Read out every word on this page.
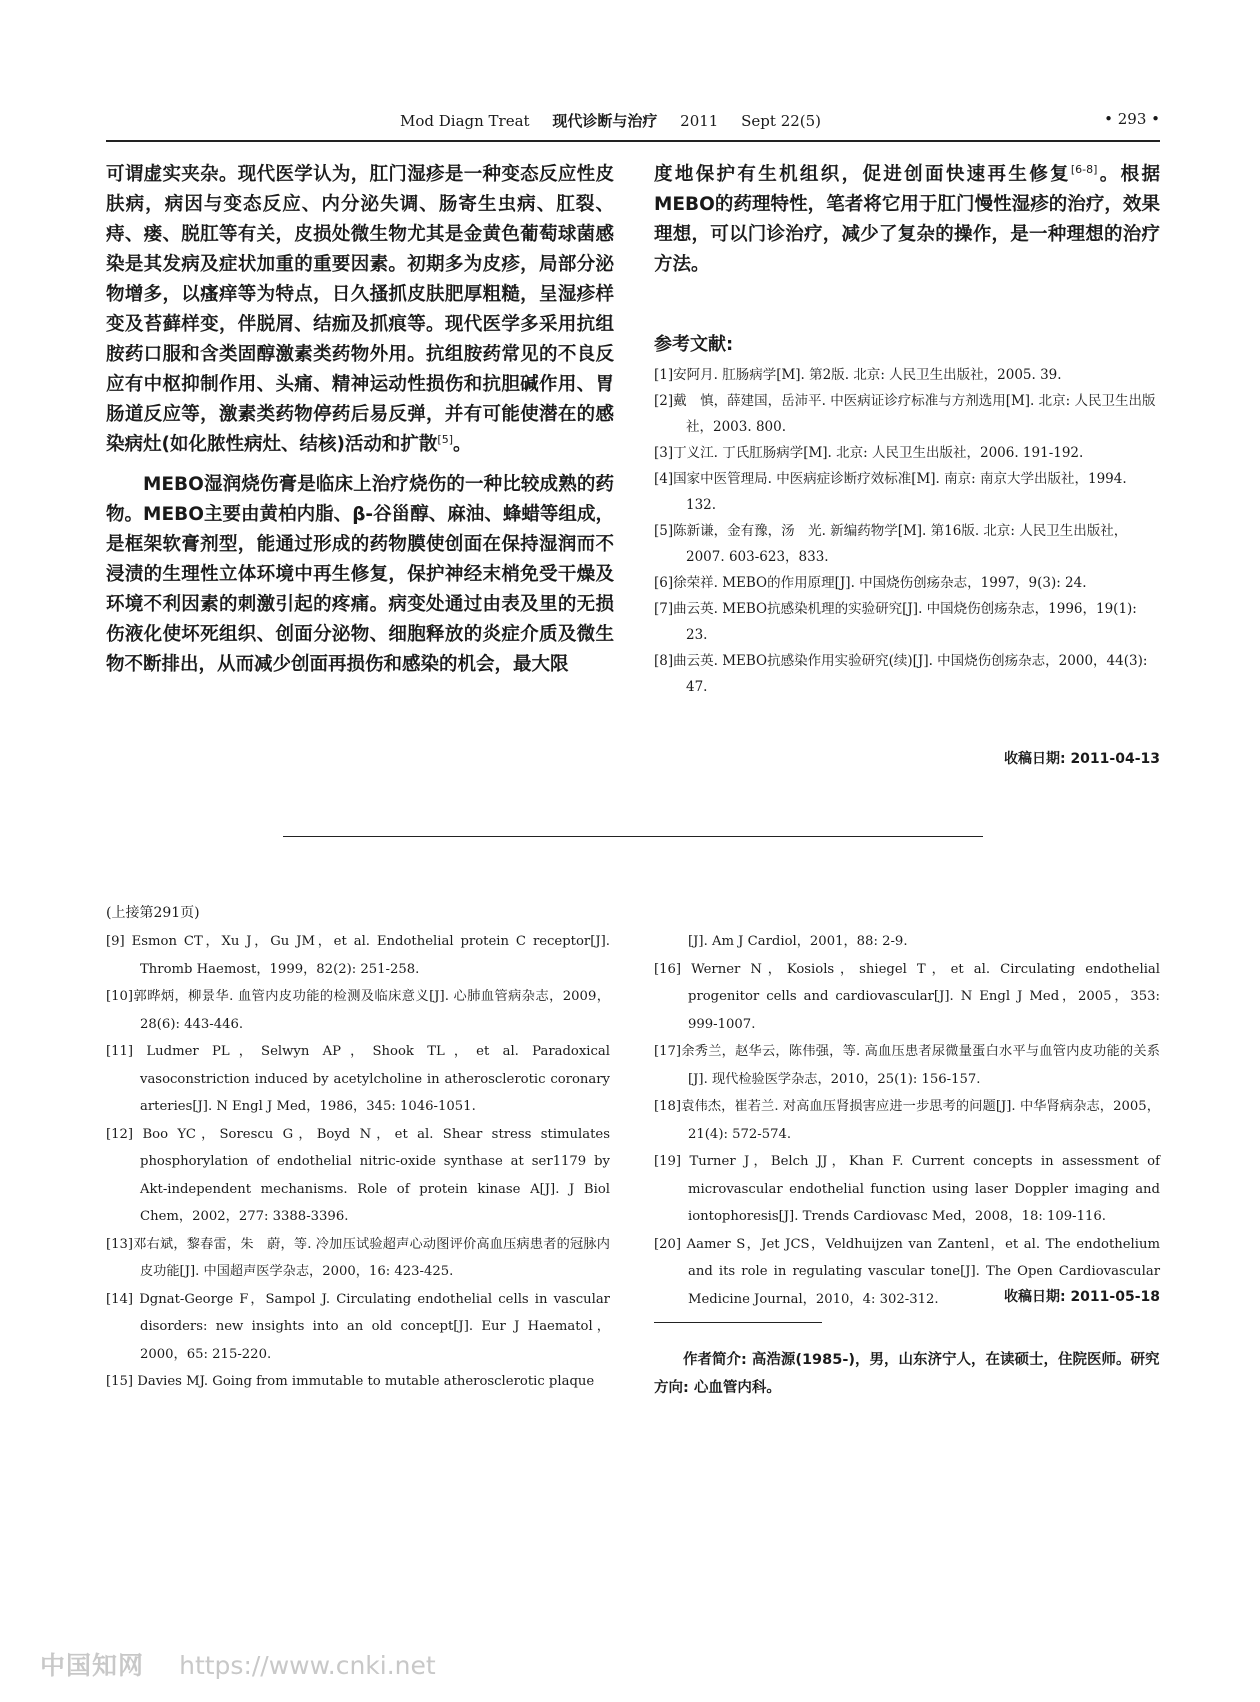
Mod Diagn Treat 现代诊断与治疗 2011 Sept 22(5)	• 293 •

可谓虚实夹杂。现代医学认为，肛门湿疹是一种变态反应性皮肤病，病因与变态反应、内分泌失调、肠寄生虫病、肛裂、痔、瘘、脱肛等有关，皮损处微生物尤其是金黄色葡萄球菌感染是其发病及症状加重的重要因素。初期多为皮疹，局部分泌物增多，以瘙痒等为特点，日久搔抓皮肤肥厚粗糙，呈湿疹样变及苔藓样变，伴脱屑、结痂及抓痕等。现代医学多采用抗组胺药口服和含类固醇激素类药物外用。抗组胺药常见的不良反应有中枢抑制作用、头痛、精神运动性损伤和抗胆碱作用、胃肠道反应等，激素类药物停药后易反弹，并有可能使潜在的感染病灶(如化脓性病灶、结核)活动和扩散[5]。

MEBO湿润烧伤膏是临床上治疗烧伤的一种比较成熟的药物。MEBO主要由黄柏内脂、β-谷甾醇、麻油、蜂蜡等组成，是框架软膏剂型，能通过形成的药物膜使创面在保持湿润而不浸渍的生理性立体环境中再生修复，保护神经末梢免受干燥及环境不利因素的刺激引起的疼痛。病变处通过由表及里的无损伤液化使坏死组织、创面分泌物、细胞释放的炎症介质及微生物不断排出，从而减少创面再损伤和感染的机会，最大限

度地保护有生机组织，促进创面快速再生修复[6-8]。根据MEBO的药理特性，笔者将它用于肛门慢性湿疹的治疗，效果理想，可以门诊治疗，减少了复杂的操作，是一种理想的治疗方法。

参考文献:

[1]安阿月. 肛肠病学[M]. 第2版. 北京: 人民卫生出版社，2005. 39.

[2]戴　慎，薛建国，岳沛平. 中医病证诊疗标准与方剂选用[M]. 北京: 人民卫生出版社，2003. 800.

[3]丁义江. 丁氏肛肠病学[M]. 北京: 人民卫生出版社，2006. 191-192.

[4]国家中医管理局. 中医病症诊断疗效标准[M]. 南京: 南京大学出版社，1994. 132.

[5]陈新谦，金有豫，汤　光. 新编药物学[M]. 第16版. 北京: 人民卫生出版社，2007. 603-623，833.

[6]徐荣祥. MEBO的作用原理[J]. 中国烧伤创疡杂志，1997，9(3): 24.

[7]曲云英. MEBO抗感染机理的实验研究[J]. 中国烧伤创疡杂志，1996，19(1): 23.

[8]曲云英. MEBO抗感染作用实验研究(续)[J]. 中国烧伤创疡杂志，2000，44(3): 47.

收稿日期: 2011-04-13
(上接第291页)

[9] Esmon CT，Xu J，Gu JM，et al. Endothelial protein C receptor[J]. Thromb Haemost，1999，82(2): 251-258.

[10]郭晔炳，柳景华. 血管内皮功能的检测及临床意义[J]. 心肺血管病杂志，2009，28(6): 443-446.

[11] Ludmer PL，Selwyn AP，Shook TL，et al. Paradoxical vasoconstriction induced by acetylcholine in atherosclerotic coronary arteries[J]. N Engl J Med，1986，345: 1046-1051.

[12] Boo YC，Sorescu G，Boyd N，et al. Shear stress stimulates phosphorylation of endothelial nitric-oxide synthase at ser1179 by Akt-independent mechanisms. Role of protein kinase A[J]. J Biol Chem，2002，277: 3388-3396.

[13]邓右斌，黎春雷，朱　蔚，等. 冷加压试验超声心动图评价高血压病患者的冠脉内皮功能[J]. 中国超声医学杂志，2000，16: 423-425.

[14] Dgnat-George F，Sampol J. Circulating endothelial cells in vascular disorders: new insights into an old concept[J]. Eur J Haematol，2000，65: 215-220.

[15] Davies MJ. Going from immutable to mutable atherosclerotic plaque

[J]. Am J Cardiol，2001，88: 2-9.

[16] Werner N，Kosiols，shiegel T，et al. Circulating endothelial progenitor cells and cardiovascular[J]. N Engl J Med，2005，353: 999-1007.

[17]余秀兰，赵华云，陈伟强，等. 高血压患者尿微量蛋白水平与血管内皮功能的关系[J]. 现代检验医学杂志，2010，25(1): 156-157.

[18]袁伟杰，崔若兰. 对高血压肾损害应进一步思考的问题[J]. 中华肾病杂志，2005，21(4): 572-574.

[19] Turner J，Belch JJ，Khan F. Current concepts in assessment of microvascular endothelial function using laser Doppler imaging and iontophoresis[J]. Trends Cardiovasc Med，2008，18: 109-116.

[20] Aamer S，Jet JCS，Veldhuijzen van Zantenl，et al. The endothelium and its role in regulating vascular tone[J]. The Open Cardiovascular Medicine Journal，2010，4: 302-312.	收稿日期: 2011-05-18
作者简介: 高浩源(1985-)，男，山东济宁人，在读硕士，住院医师。研究方向: 心血管内科。
中国知网 https://www.cnki.net
